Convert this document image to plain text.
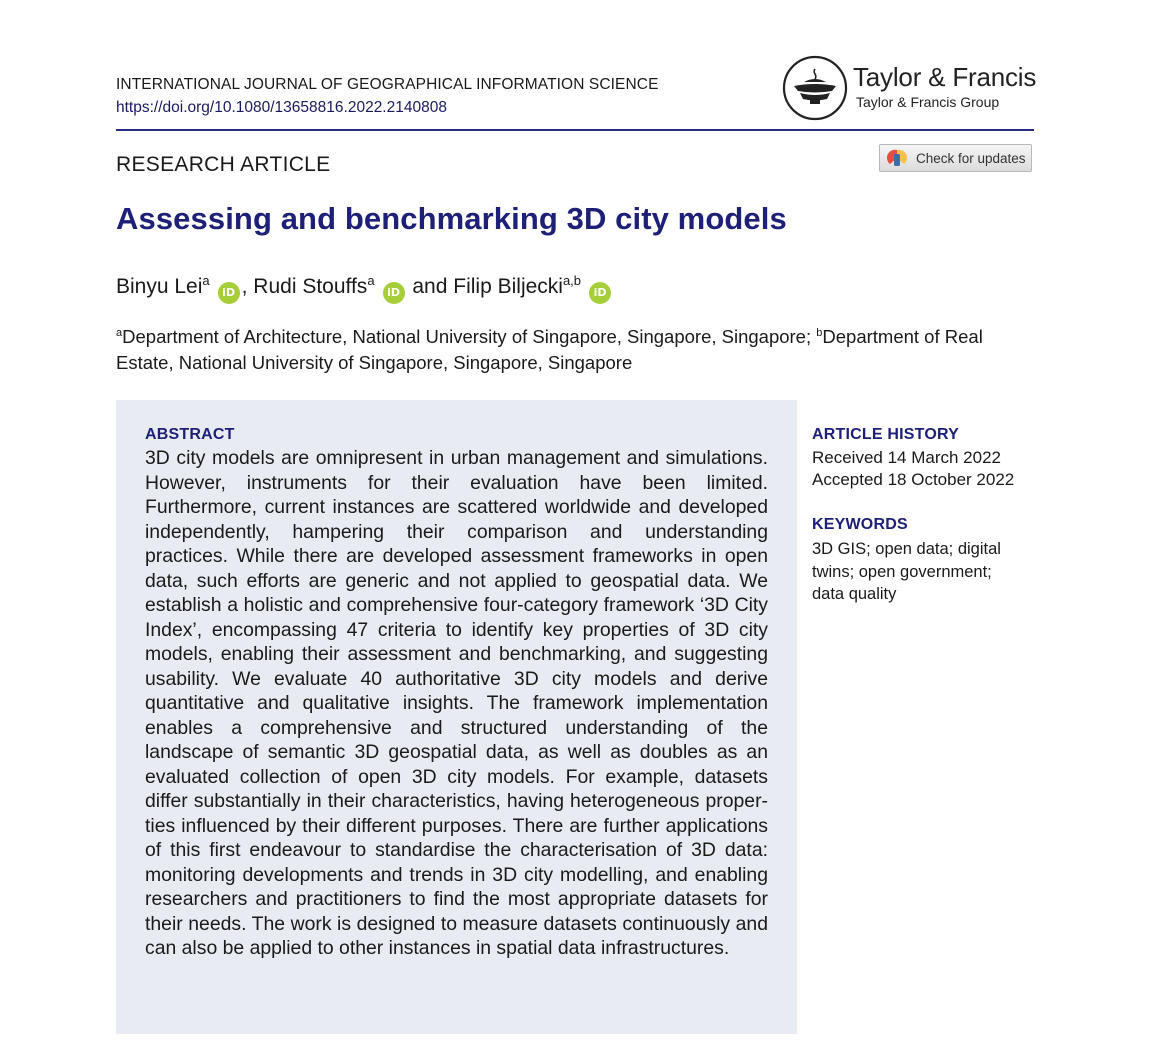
INTERNATIONAL JOURNAL OF GEOGRAPHICAL INFORMATION SCIENCE
https://doi.org/10.1080/13658816.2022.2140808
Taylor & Francis
Taylor & Francis Group
RESEARCH ARTICLE	Check for updates
Assessing and benchmarking 3D city models
Binyu Lei$^a$iD , Rudi Stouffs$^a$iD and Filip Biljecki$^{a,b}$iD
$^a$Department of Architecture, National University of Singapore, Singapore, Singapore; $^b$Department of Real Estate, National University of Singapore, Singapore, Singapore
ABSTRACT
3D city models are omnipresent in urban management and simulations. However, instruments for their evaluation have been limited. Furthermore, current instances are scattered worldwide and developed independently, hampering their comparison and understanding practices. While there are developed assessment frameworks in open data, such efforts are generic and not applied to geospatial data. We establish a holistic and comprehensive four-category framework ‘3D City Index’, encompassing 47 criteria to identify key properties of 3D city models, enabling their assessment and benchmarking, and suggesting usability. We evaluate 40 authoritative 3D city models and derive quantitative and qualitative insights. The framework implementation enables a comprehensive and structured understanding of the landscape of semantic 3D geospatial data, as well as doubles as an evaluated collection of open 3D city models. For example, datasets differ substantially in their characteristics, having heterogeneous properties influenced by their different purposes. There are further applications of this first endeavour to standardise the characterisation of 3D data: monitoring developments and trends in 3D city modelling, and enabling researchers and practitioners to find the most appropriate datasets for their needs. The work is designed to measure datasets continuously and can also be applied to other instances in spatial data infrastructures.
ARTICLE HISTORY
Received 14 March 2022
Accepted 18 October 2022
KEYWORDS
3D GIS; open data; digital twins; open government; data quality
